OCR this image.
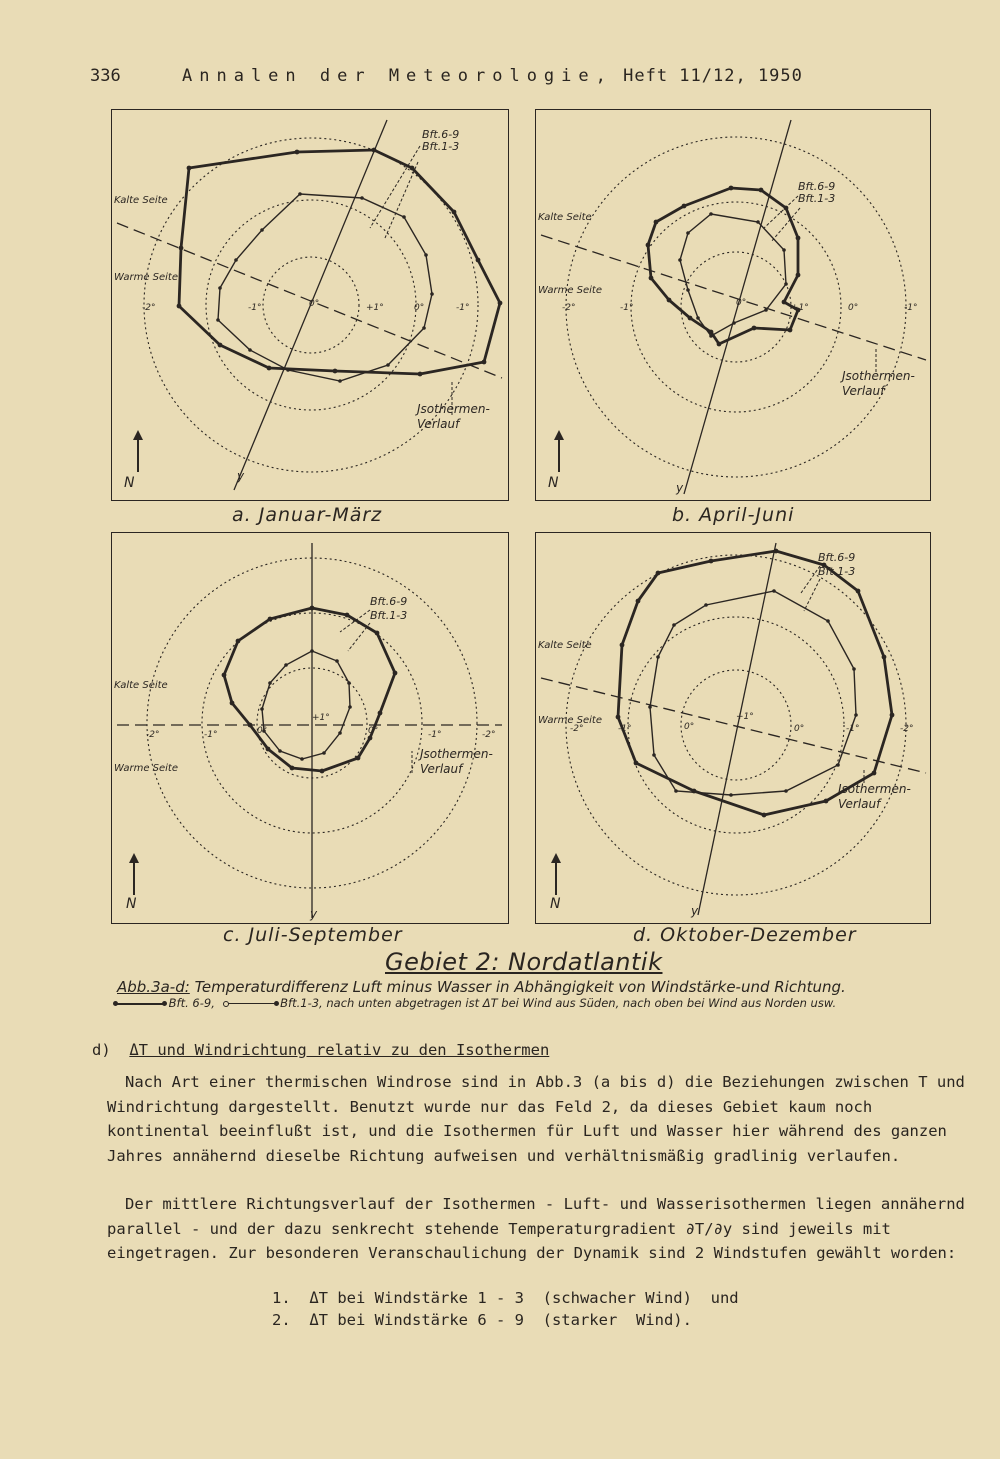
336	Annalen der Meteorologie, Heft 11/12, 1950
Bft.6-9
Bft.1-3
Kalte Seite
Warme Seite
Jsothermen-
Verlauf
N	y
-2°	-1°	0°	+1°	0°	-1°
a. Januar-März
Bft.6-9
Bft.1-3
Kalte Seite
Warme Seite
Jsothermen-
Verlauf
N	y
-2°	-1°	0°	+1°	0°	-1°
b. April-Juni
Bft.6-9
Bft.1-3
Kalte Seite
Warme Seite
Jsothermen-
Verlauf
N
y
-2°	-1°	0°
+1°
0°	-1°	-2°
c. Juli-September
Bft.6-9
Bft.1-3
Kalte Seite
Warme Seite
Jsothermen-
Verlauf
N	y
-2°	-1°	0°
+1°
0°	-1°	-2°
d. Oktober-Dezember
Gebiet 2: Nordatlantik
Abb.3a-d: Temperaturdifferenz Luft minus Wasser in Abhängigkeit von Windstärke-und Richtung.
Bft. 6-9,	Bft.1-3, nach unten abgetragen ist ΔT bei Wind aus Süden, nach oben bei Wind aus Norden usw.
d) ΔT und Windrichtung relativ zu den Isothermen
Nach Art einer thermischen Windrose sind in Abb.3 (a bis d) die Beziehungen zwischen T und Windrichtung dargestellt. Benutzt wurde nur das Feld 2, da dieses Gebiet kaum noch kontinental beeinflußt ist, und die Isothermen für Luft und Wasser hier während des ganzen Jahres annähernd dieselbe Richtung aufweisen und verhältnismäßig gradlinig verlaufen.
Der mittlere Richtungsverlauf der Isothermen - Luft- und Wasserisothermen liegen annähernd parallel - und der dazu senkrecht stehende Temperaturgradient ∂T/∂y sind jeweils mit eingetragen. Zur besonderen Veranschaulichung der Dynamik sind 2 Windstufen gewählt worden:
1. ΔT bei Windstärke 1 - 3  (schwacher Wind)  und
2. ΔT bei Windstärke 6 - 9  (starker  Wind).
